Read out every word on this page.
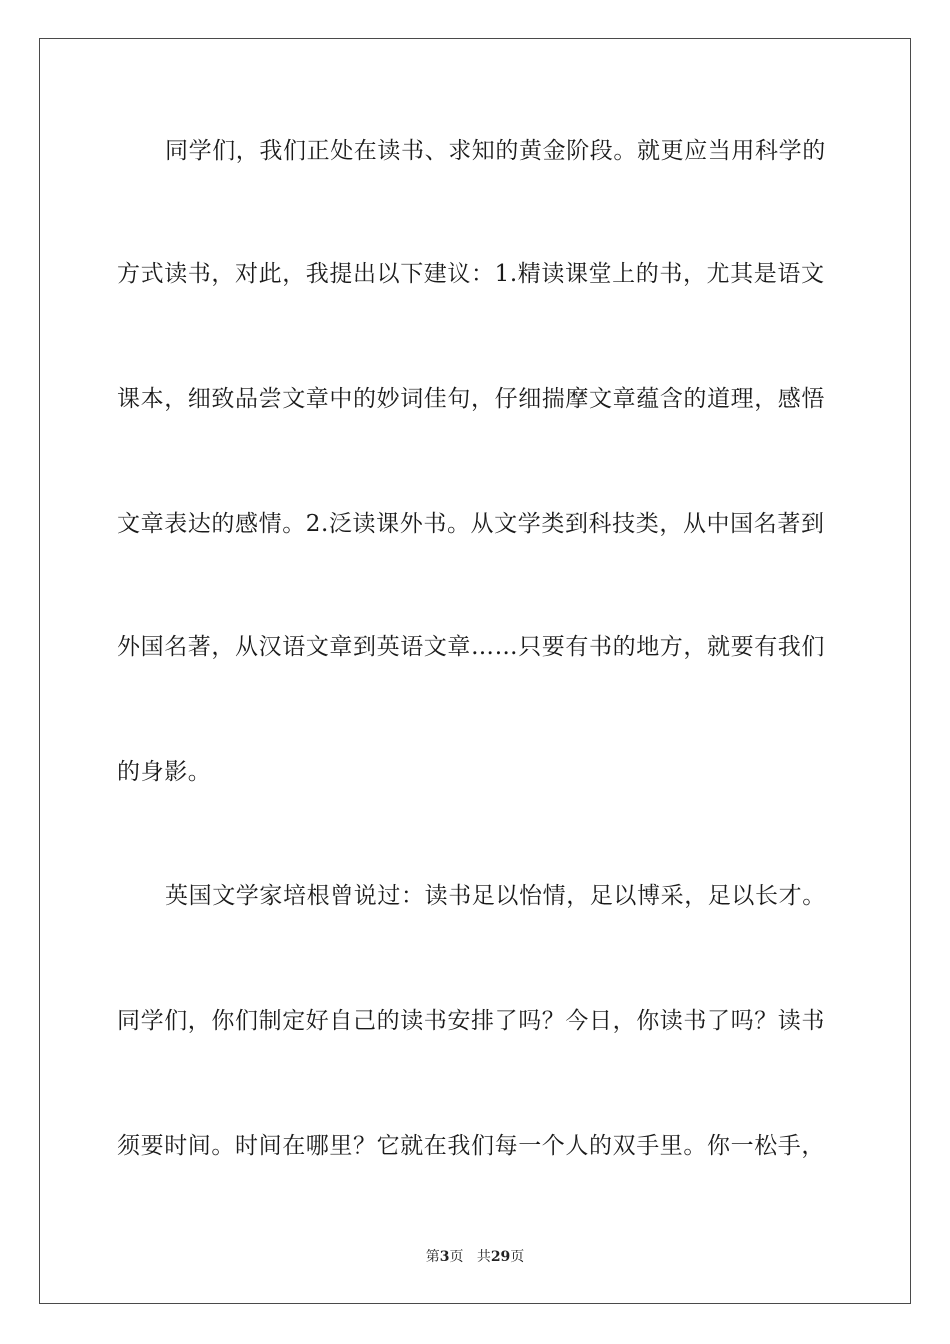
同学们，我们正处在读书、求知的黄金阶段。就更应当用科学的
方式读书，对此，我提出以下建议：1.精读课堂上的书，尤其是语文
课本，细致品尝文章中的妙词佳句，仔细揣摩文章蕴含的道理，感悟
文章表达的感情。2.泛读课外书。从文学类到科技类，从中国名著到
外国名著，从汉语文章到英语文章……只要有书的地方，就要有我们
的身影。
英国文学家培根曾说过：读书足以怡情，足以博采，足以长才。
同学们，你们制定好自己的读书安排了吗？今日，你读书了吗？读书
须要时间。时间在哪里？它就在我们每一个人的双手里。你一松手，
第3页 共29页
